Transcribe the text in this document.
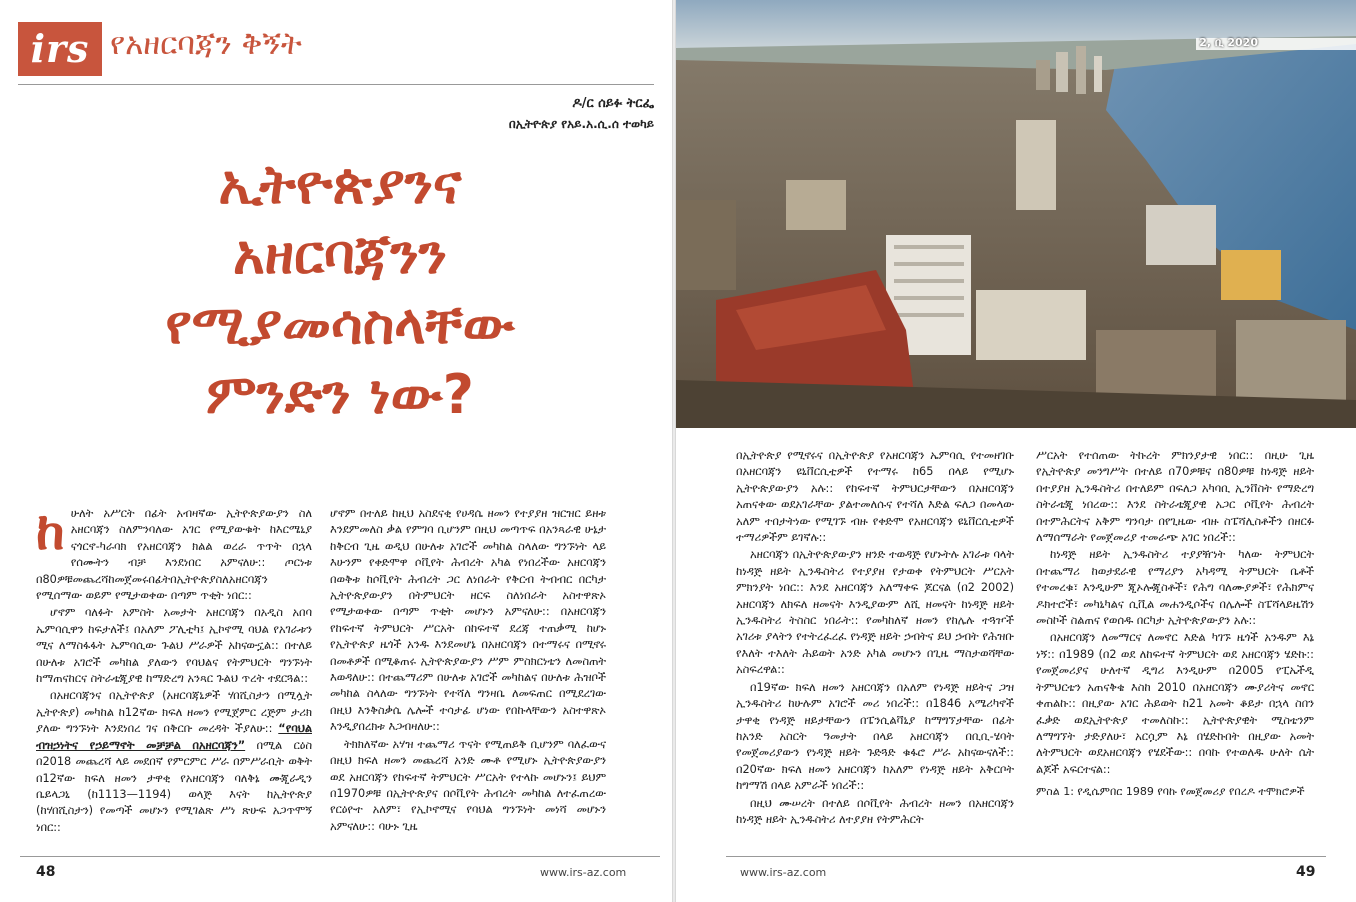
irs የአዘርባጃን ቅኝት
ዶ/ር ሰይፉ ትርፌ
በኢትዮጵያ የአይ.አ.ሲ.ሰ ተወካይ
ኢትዮጵያንና
አዘርባጃንን
የሚያመሳስላቸው
ምንድን ነው?

ከሁለት አሥርት በፊት አብዛኛው ኢትዮጵያውያን ስለ አዘርባጃን ስለምንባለው አገር የሚያውቁት ከእርሜኒያ ናጎርኖ-ካራባክ የአዘርባጃን ክልል ወረራ ጥጥት በኋላ የሰሙትን ብቻ እንደነበር አምናለሁ:: ጦርነቱ በ80ዎቹመጨረሻከመጀመሩበፊትበኢትዮጵያስለአዘርባጃን የሚሰማው ወይም የሚታወቀው በጣም ጥቂት ነበር::

ሆኖም ባለፉት አምስት አመታት አዘርባጃን በአዲስ አበባ ኤምባሲዋን ከፍታለች፤ በአለም ፖሊቲካ፤ ኢኮኖሚ ባህል የአገራቱን ሚና ለማስፋፋት ኤምባሲው ጉልህ ሥራዎች አከናውኗል:: በተለይ በሁለቱ አገሮች መካከል ያለውን የባህልና የትምህርት ግንኙነት ከማጠናከርና ስትራቴጂያዊ ከማድረግ አንጻር ጉልህ ጥረት ተደርጓል::

በአዘርባጃንና በኢትዮጵያ (አዘርባጃኒዎች ሃበሺስታን በሚሏት ኢትዮጵያ) መካከል ከ12ኛው ክፍለ ዘመን የሚጀምር ረጅም ታሪክ ያለው ግንኙነት እንደነበረ ገና በቅርቡ መረዳት ችያለሁ:: “የባህል ብዝኃነትና የኃይማኖት መቻቻል በአዘርባጃን” በሚል ርዕስ በ2018 መጨረሻ ላይ መደበኛ የምርምር ሥራ በምሥራቢት ወቅት በ12ኛው ክፍለ ዘመን ታዋቂ የአዘርባጃን ባለቅኔ ሙጂራዲን ቤይላጋኒ (ከ1113—1194) ወላጅ እናት ከኢትዮጵያ (ከሃበሺስታን) የመጣች መሆኑን የሚገልጽ ሥነ ጽሁፍ አጋጥሞኝ ነበር::

ሆኖም በተለይ ከዚህ አስደናቂ የሀዳሴ ዘመን የተያያዘ ዝርዝር ይዘቱ እንደምመለስ ቃል የምገባ ቢሆንም በዚህ መጣጥፍ በአንጻራዊ ሁኔታ ከቅርብ ጊዜ ወዲህ በሁለቱ አገሮች መካከል ስላለው ግንኙነት ላይ እሁንም የቀድሞዋ ሶቪየት ሕብረት አካል የነበረችው አዘርባጃን በወቅቱ ከሶቪየት ሕብረት ጋር ለነበራት የቅርብ ትብብር በርካታ ኢትዮጵያውያን በትምህርት ዘርፍ ስለነበራት አስተዋጽኦ የሚታወቀው በጣም ጥቂት መሆኑን አምናለሁ:: በአዘርባጃን የከፍተኛ ትምህርት ሥርአት በከፍተኛ ደረጃ ተጠቃሚ ከሆኑ የኢትዮጵያ ዜጎች አንዱ እንደመሆኔ በአዘርባጃን በተማሩና በሚኖሩ በመቶዎች በሚቆጠሩ ኢትዮጵያውያን ሥም ምስክርነቴን ለመስጠት እወዳለሁ:: በተጨማሪም በሁለቱ አገሮች መካከልና በሁለቱ ሕዝቦች መካከል ስላለው ግንኙነት የተሻለ ግንዛቤ ለመፍጠር በሚደረገው በዚህ እንቅስቃሴ ሌሎች ተሳታፊ ሆነው የበኩላቸውን አስተዋጽኦ እንዲያበረክቱ እጋብዛለሁ::

ትክክለኛው አሃዝ ተጨማሪ ጥናት የሚጠይቅ ቢሆንም ባለፈውና በዚህ ክፍለ ዘመን መጨረሻ አንድ ሙቶ የሚሆኑ ኢትዮጵያውያን ወደ አዘርባጃን የከፍተኛ ትምህርት ሥርአት የተላኩ መሆኑን፤ ይህም በ1970ዎቹ በኢትዮጵያና በሶቪየት ሕብረት መካከል ለተፈጠረው የርዕዮተ አለም፣ የኢኮኖሚና የባህል ግንኙነት መነሻ መሆኑን አምናለሁ:: ባሁኑ ጊዜ

48	www.irs-az.com
2, ቢ 2020

በኢትዮጵያ የሚኖሩና በኢትዮጵያ የአዘርባጃን ኤምባሲ የተመዘገቡ በአዘርባጃን ዩኒቨርሲቲዎች የተማሩ ከ65 በላይ የሚሆኑ ኢትዮጵያውያን አሉ:: የከፍተኛ ትምህርታቸውን በአዘርባጃን አጠናቀው ወደአገራቸው ያልተመለሱና የተሻለ እድል ፍለጋ በመላው አለም ተበታትነው የሚገኙ ብዙ የቀድሞ የአዘርባጃን ዩኒቨርሲቲዎች ተማሪዎችም ይገኛሉ::

አዘርባጃን በኢትዮጵያውያን ዘንድ ተወዳጅ የሆኑትሉ አገራቱ ባላት ከነዳጅ ዘይት ኢንዱስትሪ የተያያዘ የታወቀ የትምህርት ሥርአት ምክንያት ነበር:: እንደ አዘርባጃን አለማቀፍ ጆርናል (በ2 2002) አዘርባጃን ለክፍለ ዘመናት እንዲያውም ለሺ ዘመናት ከነዳጅ ዘይት ኢንዱስትሪ ትስስር ነበራት:: የመካከለኛ ዘመን የከሌሉ ተጓዦች አገሪቱ ያላትን የተትረፈረፈ የነዳጅ ዘይት ኃብትና ይህ ኃብት የሕዝቡ የእለት ተእለት ሕይወት አንድ አካል መሆኑን በጊዜ ማስታወሻቸው አስፍረዋል::

በ19ኛው ክፍለ ዘመን አዘርባጃን በአለም የነዳጅ ዘይትና ጋዝ ኢንዱስትሪ ከሁሉም አገሮች መሪ ነበረች:: በ1846 አሜሪካኖች ታዋቂ የነዳጅ ዘይታቸውን በፔንሲልቫኒያ ከማግኘታቸው በፊት ከአንድ አስርት ዓመታት በላይ አዘርባጃን በቢቢ-ሄባት የመጀመሪያውን የነዳጅ ዘይት ጉድጓድ ቁፋሮ ሥራ አከናውናለች:: በ20ኛው ክፍለ ዘመን አዘርባጃን ከአለም የነዳጅ ዘይት አቅርቦት ከግማሽ በላይ አምራች ነበረች::

በዚህ ሙሠረት በተለይ በሶቪየት ሕብረት ዘመን በአዘርባጃን ከነዳጅ ዘይት ኢንዱስትሪ ለተያያዘ የትምሕርት

ሥርአት የተሰጠው ትኩረት ምክንያታዊ ነበር:: በዚሁ ጊዜ የኢትዮጵያ መንግሥት በተለይ በ70ዎቹና በ80ዎቹ ከነዳጅ ዘይት በተያያዘ ኢንዱስትሪ በተለይም በፍለጋ አካባቢ ኢንቨስት የማድረግ ስትራቴጂ ነበረው:: እንደ ስትራቴጂያዊ አጋር ሶቪየት ሕብረት በተምሕርትና አቅም ግንባታ በየጊዜው ብዙ ስፔሻሊስቶችን በዘርፉ ለማሰማራት የመጀመሪያ ተመራጭ አገር ነበረች::

ከነዳጅ ዘይት ኢንዱስትሪ ተያያዥነት ካለው ትምህርት በተጨማሪ ከወታደራዊ የማሪያን አካዳሚ ትምህርት ቤቶች የተመረቁ፣ እንዲሁም ጂኦሎጂስቶች፣ የሕግ ባለሙያዎች፣ የሕክምና ዶክተሮች፣ መካኒካልና ሲቪል መሐንዲሶችና በሌሎች ስፔሻላይዜሽን መስኮች ስልጠና የወሰዱ በርካታ ኢትዮጵያውያን አሉ::

በአዘርባጃን ለመማርና ለመኖር እድል ካገኙ ዜጎች አንዱም እኔ ነኝ:: በ1989 (በ2 ወደ ለከፍተኛ ትምህርት ወደ አዘርባጃን ሄድኩ:: የመጀመሪያና ሁለተኛ ዲግሪ እንዲሁም በ2005 የፒኤችዲ ትምህርቴን አጠናቅቄ እስከ 2010 በአዘርባጃን ሙያሪትና መኖር ቀጠልኩ:: በዚያው አገር ሕይወት ከ21 አመት ቆይታ በኋላ ስበን ፈቃድ ወደኢትዮጵያ ተመለስኩ:: ኢትዮጵያዊት ሚስቴንም ለማግኘት ታድያለሁ፣ አርሷም እኔ በሄድኩበት በዚያው አመት ለትምህርት ወደአዘርባጃን የሄደችው:: በባኩ የተወለዱ ሁለት ሴት ልጆች አፍርተናል::

ምስል 1: የዲሴምበር 1989 የባኩ የመጀመሪያ የበረዶ ተሞክሮዎች
www.irs-az.com	49
